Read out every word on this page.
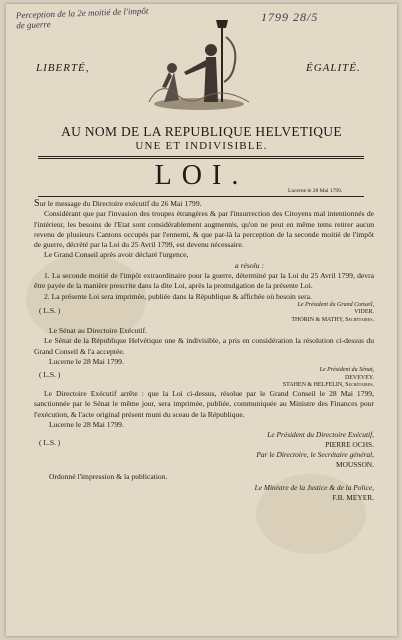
Perception de la 2e moitié de l'impôt de guerre
1799 28/5
LIBERTÉ,	ÉGALITÉ.
AU NOM DE LA REPUBLIQUE HELVETIQUE
UNE ET INDIVISIBLE.
LOI.	Lucerne le 28 Mai 1799.

Sur le message du Directoire exécutif du 26 Mai 1799.

Considérant que par l'invasion des troupes étrangères & par l'insurrection des Citoyens mal intentionnés de l'intérieur, les besoins de l'Etat sont considérablement augmentés, qu'on ne peut en même tems retirer aucun revenu de plusieurs Cantons occupés par l'ennemi, & que par-là la perception de la seconde moitié de l'impôt de guerre, décrété par la Loi du 25 Avril 1799, est devenu nécessaire.

Le Grand Conseil après avoir déclaré l'urgence,

a résolu :

1. La seconde moitié de l'impôt extraordinaire pour la guerre, déterminé par la Loi du 25 Avril 1799, devra être payée de la manière prescrite dans la dite Loi, après la promulgation de la présente Loi.

2. La présente Loi sera imprimée, publiée dans la République & affichée où besoin sera.

( L.S. )
Le Président du Grand Conseil,
VIDER.
THORIN & MATHY, Secrétaires.

Le Sénat au Directoire Exécutif.

Le Sénat de la République Helvétique une & indivisible, a pris en considération la résolution ci-dessus du Grand Conseil & l'a acceptée.

Lucerne le 28 Mai 1799.

( L.S. )	Le Président du Sénat,
DEVEVEY.
STAHEN & HELFELIN, Secrétaires.

Le Directoire Exécutif arrête : que la Loi ci-dessus, résolue par le Grand Conseil le 28 Mai 1799, sanctionnée par le Sénat le même jour, sera imprimée, publiée, communiquée au Ministre des Finances pour l'exécution, & l'acte original présent muni du sceau de la République.

Lucerne le 28 Mai 1799.

( L.S. )
Le Président du Directoire Exécutif,
PIERRE OCHS.
Par le Directoire, le Secrétaire général,
MOUSSON.

Ordonné l'impression & la publication.

Le Ministre de la Justice & de la Police,
F.B. MEYER.
